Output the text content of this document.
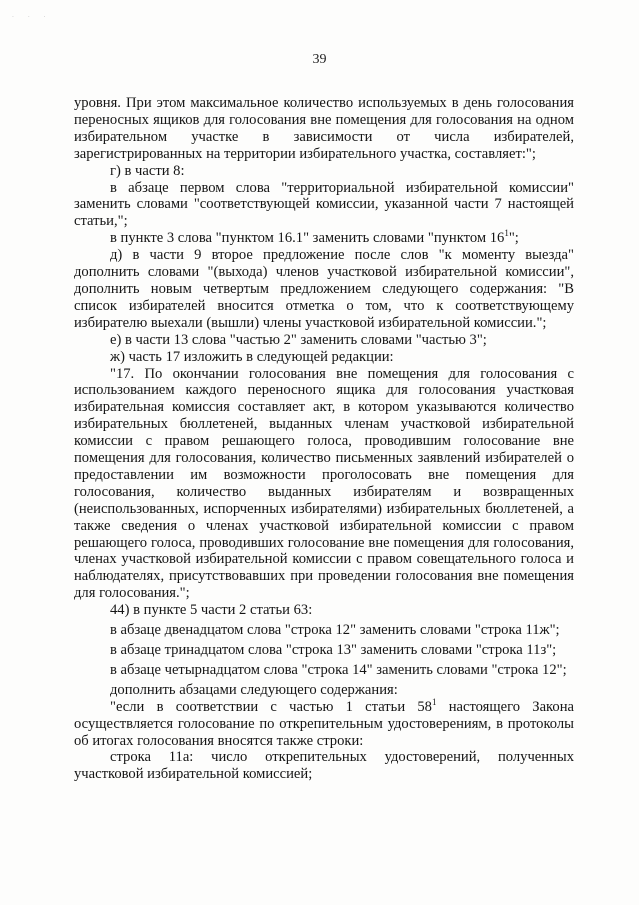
· · ·
39

уровня. При этом максимальное количество используемых в день голосования переносных ящиков для голосования вне помещения для голосования на одном избирательном участке в зависимости от числа избирателей, зарегистрированных на территории избирательного участка, составляет:";

г) в части 8:

в абзаце первом слова "территориальной избирательной комиссии" заменить словами "соответствующей комиссии, указанной части 7 настоящей статьи,";

в пункте 3 слова "пунктом 16.1" заменить словами "пунктом $16^1$";

д) в части 9 второе предложение после слов "к моменту выезда" дополнить словами "(выхода) членов участковой избирательной комиссии", дополнить новым четвертым предложением следующего содержания: "В список избирателей вносится отметка о том, что к соответствующему избирателю выехали (вышли) члены участковой избирательной комиссии.";

е) в части 13 слова "частью 2" заменить словами "частью 3";

ж) часть 17 изложить в следующей редакции:

"17. По окончании голосования вне помещения для голосования с использованием каждого переносного ящика для голосования участковая избирательная комиссия составляет акт, в котором указываются количество избирательных бюллетеней, выданных членам участковой избирательной комиссии с правом решающего голоса, проводившим голосование вне помещения для голосования, количество письменных заявлений избирателей о предоставлении им возможности проголосовать вне помещения для голосования, количество выданных избирателям и возвращенных (неиспользованных, испорченных избирателями) избирательных бюллетеней, а также сведения о членах участковой избирательной комиссии с правом решающего голоса, проводивших голосование вне помещения для голосования, членах участковой избирательной комиссии с правом совещательного голоса и наблюдателях, присутствовавших при проведении голосования вне помещения для голосования.";

44) в пункте 5 части 2 статьи 63:

в абзаце двенадцатом слова "строка 12" заменить словами "строка 11ж";

в абзаце тринадцатом слова "строка 13" заменить словами "строка 11з";

в абзаце четырнадцатом слова "строка 14" заменить словами "строка 12";

дополнить абзацами следующего содержания:

"если в соответствии с частью 1 статьи $58^1$ настоящего Закона осуществляется голосование по открепительным удостоверениям, в протоколы об итогах голосования вносятся также строки:

строка 11а: число открепительных удостоверений, полученных участковой избирательной комиссией;
